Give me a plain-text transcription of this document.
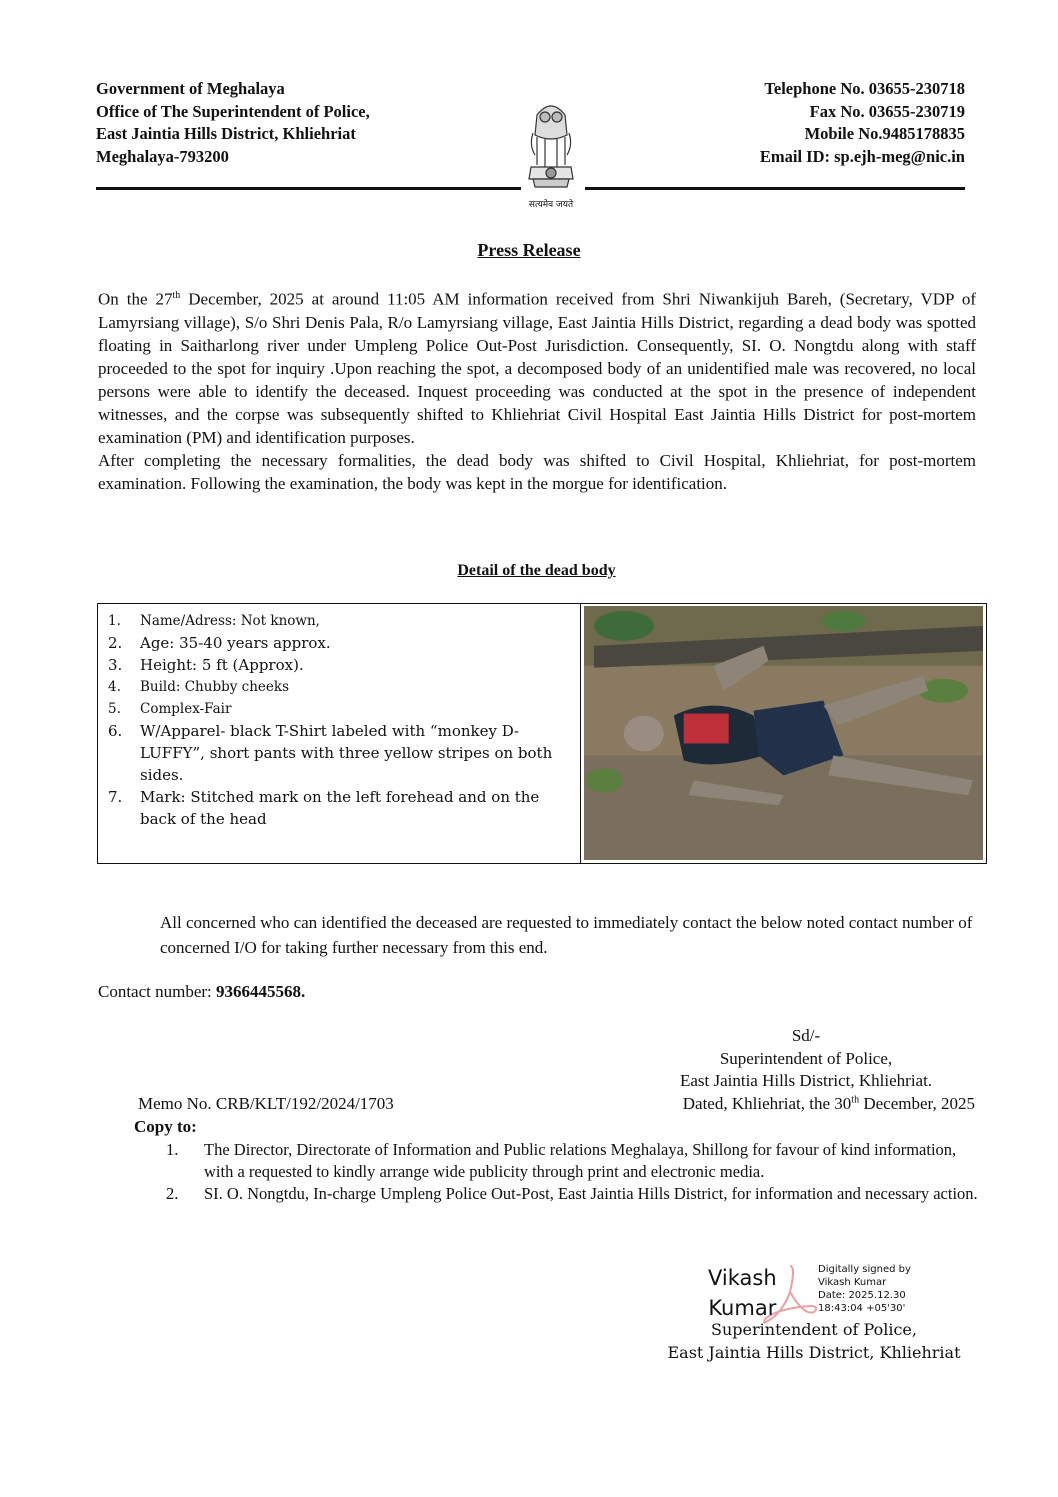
Government of Meghalaya
Office of The Superintendent of Police,
East Jaintia Hills District, Khliehriat
Meghalaya-793200
सत्यमेव जयते
Telephone No. 03655-230718
Fax No. 03655-230719
Mobile No.9485178835
Email ID: sp.ejh-meg@nic.in
Press Release

On the 27th December, 2025 at around 11:05 AM information received from Shri Niwankijuh Bareh, (Secretary, VDP of Lamyrsiang village), S/o Shri Denis Pala, R/o Lamyrsiang village, East Jaintia Hills District, regarding a dead body was spotted floating in Saitharlong river under Umpleng Police Out-Post Jurisdiction. Consequently, SI. O. Nongtdu along with staff proceeded to the spot for inquiry .Upon reaching the spot, a decomposed body of an unidentified male was recovered, no local persons were able to identify the deceased. Inquest proceeding was conducted at the spot in the presence of independent witnesses, and the corpse was subsequently shifted to Khliehriat Civil Hospital East Jaintia Hills District for post-mortem examination (PM) and identification purposes.

After completing the necessary formalities, the dead body was shifted to Civil Hospital, Khliehriat, for post-mortem examination. Following the examination, the body was kept in the morgue for identification.

Detail of the dead body
1.	Name/Adress: Not known,
2.	Age: 35-40 years approx.
3.	Height: 5 ft (Approx).
4.	Build: Chubby cheeks
5.	Complex-Fair
6.	W/Apparel- black T-Shirt labeled with “monkey D-LUFFY”, short pants with three yellow stripes on both sides.
7.	Mark: Stitched mark on the left forehead and on the back of the head
All concerned who can identified the deceased are requested to immediately contact the below noted contact number of concerned I/O for taking further necessary from this end.
Contact number: 9366445568.
Sd/-
Superintendent of Police,
East Jaintia Hills District, Khliehriat.
Memo No. CRB/KLT/192/2024/1703	Dated, Khliehriat, the 30th December, 2025
Copy to:
1.	The Director, Directorate of Information and Public relations Meghalaya, Shillong for favour of kind information, with a requested to kindly arrange wide publicity through print and electronic media.
2.	SI. O. Nongtdu, In-charge Umpleng Police Out-Post, East Jaintia Hills District, for information and necessary action.
Vikash
Kumar
Digitally signed by
Vikash Kumar
Date: 2025.12.30
18:43:04 +05'30'
Superintendent of Police,
East Jaintia Hills District, Khliehriat
